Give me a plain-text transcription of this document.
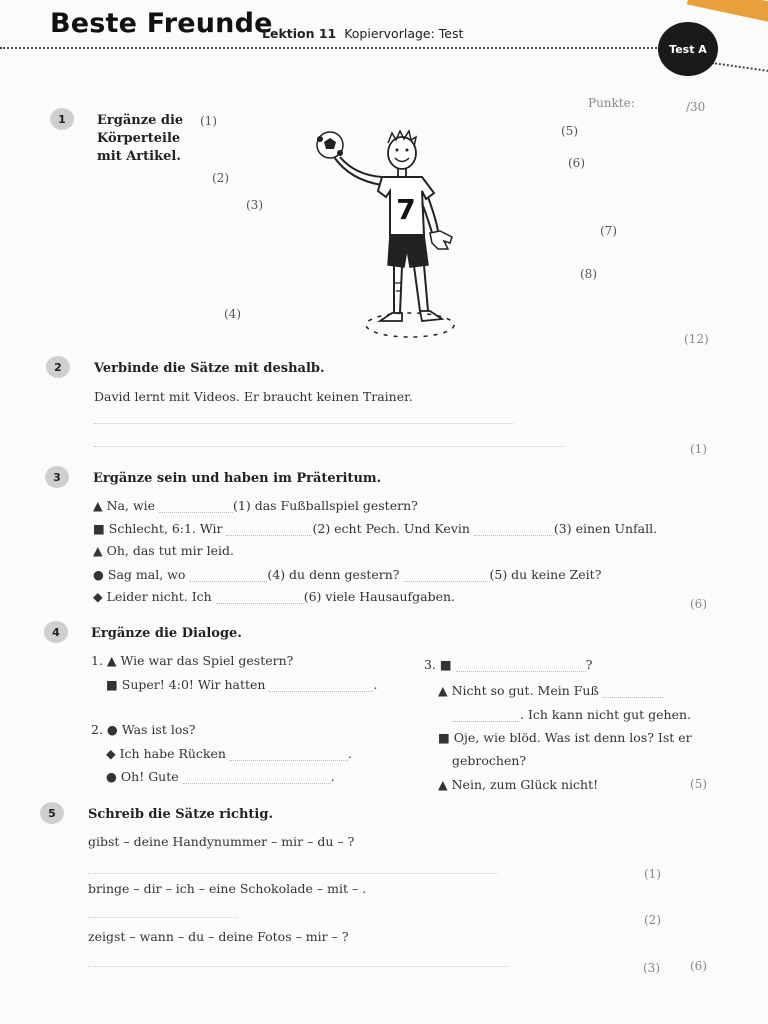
Beste Freunde
Lektion 11 Kopiervorlage: Test
Test A
Punkte:	/30
1	Ergänze die
Körperteile
mit Artikel.
(1)
(2)
(3)
(4)
(5)
(6)
(7)
(8)
(12)
7
2	Verbinde die Sätze mit deshalb.
David lernt mit Videos. Er braucht keinen Trainer.
(1)
3	Ergänze sein und haben im Präteritum.
▲ Na, wie	(1) das Fußballspiel gestern?
■ Schlecht, 6:1. Wir	(2) echt Pech. Und Kevin	(3) einen Unfall.
▲ Oh, das tut mir leid.
● Sag mal, wo	(4) du denn gestern?	(5) du keine Zeit?
◆ Leider nicht. Ich	(6) viele Hausaufgaben.	(6)
4	Ergänze die Dialoge.
1. ▲ Wie war das Spiel gestern?
■ Super! 4:0! Wir hatten	.
2. ● Was ist los?
◆ Ich habe Rücken	.
● Oh! Gute	.
3. ■	?
▲ Nicht so gut. Mein Fuß
. Ich kann nicht gut gehen.
■ Oje, wie blöd. Was ist denn los? Ist er
gebrochen?
▲ Nein, zum Glück nicht!	(5)
5	Schreib die Sätze richtig.
gibst – deine Handynummer – mir – du – ?
(1)
bringe – dir – ich – eine Schokolade – mit – .
(2)
zeigst – wann – du – deine Fotos – mir – ?
(3)	(6)
